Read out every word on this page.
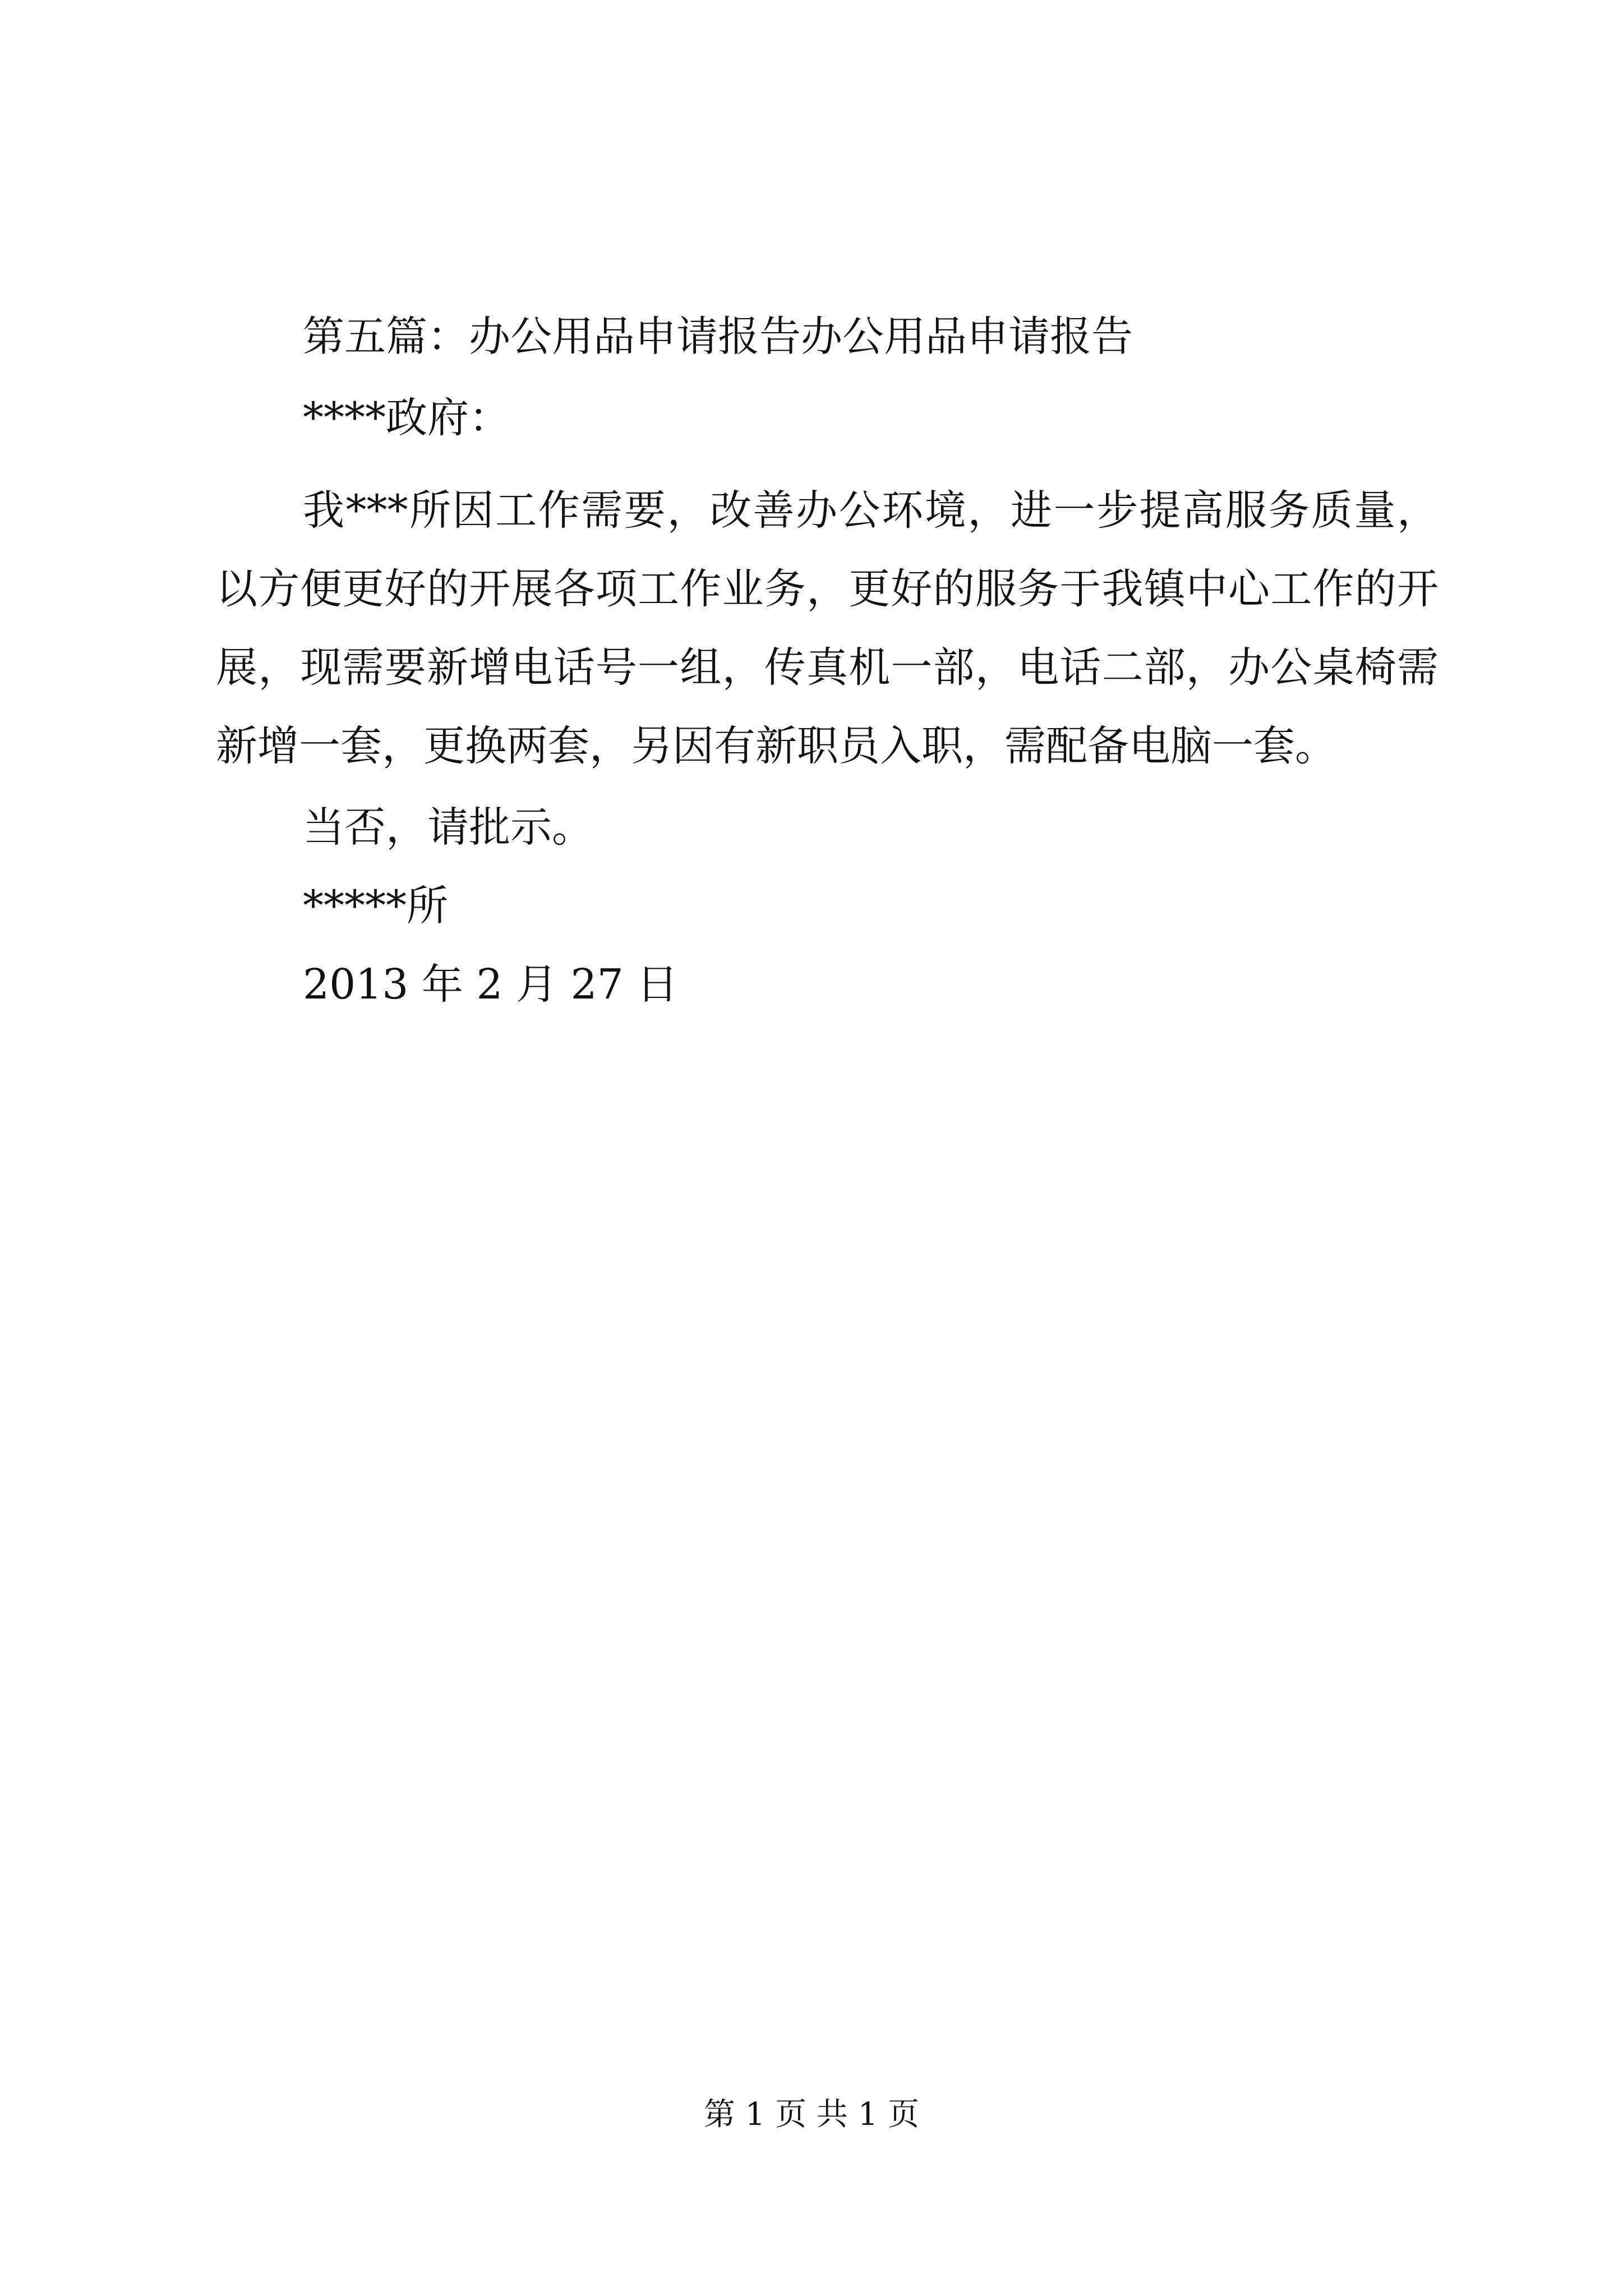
第五篇：办公用品申请报告办公用品申请报告
****政府：
我***所因工作需要，改善办公环境，进一步提高服务质量，以方便更好的开展各项工作业务，更好的服务于我镇中心工作的开展，现需要新增电话号一组，传真机一部，电话二部，办公桌椅需新增一套，更换两套，另因有新职员入职，需配备电脑一套。
当否，请批示。
*****所
2013 年 2 月 27 日
第 1 页 共 1 页
